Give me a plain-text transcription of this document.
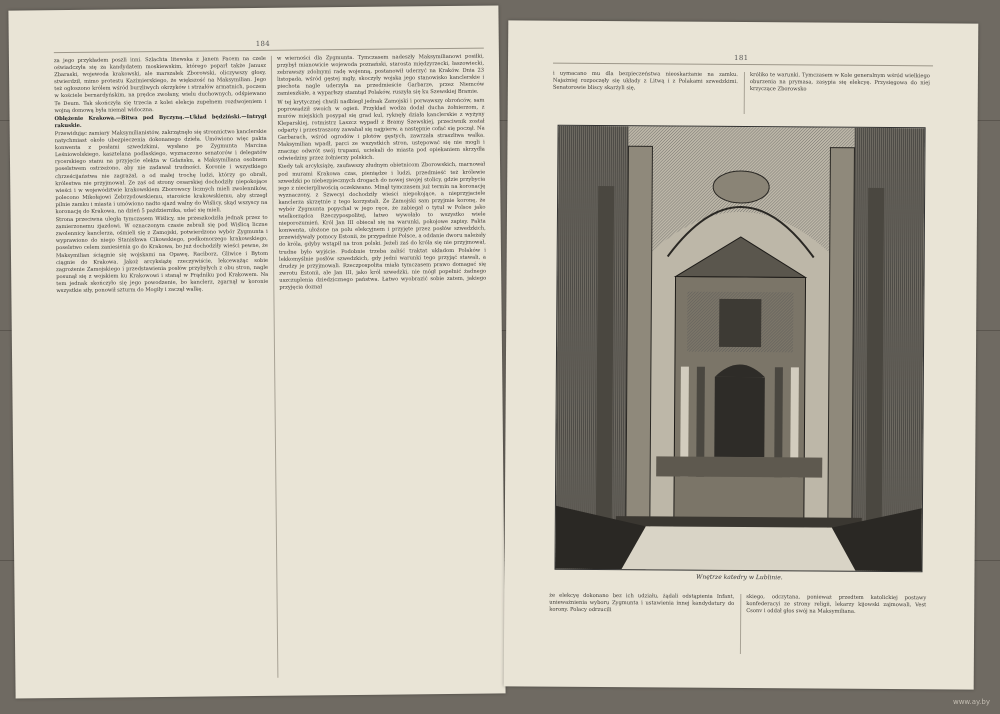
184

za jego przykładem poszli inni. Szlachta litewska z Janem Pacem na czele oświadczyła się za kandydatem moskiewskim, którego poparł także Janusz Zbaraski, wojewoda krakowski, ale marszałek Zborowski, oliczywszy głosy, stwierdził, mimo protestu Kazimierskiego, że większość na Maksymilian. Jego też ogłoszono królem wśród burzliwych okrzyków i strzałów armatnich, poczem w kościele bernardyńskim, na prędce zwołany, wielu duchownych, odśpiewano Te Deum. Tak skończyła się trzecia z kolei elekcja zupełnem rozdwojeniem i wojną domową była niemal widoczna.

Oblężenie Krakowa.—Bitwa pod Byczyną.—Układ będziński.—Intrygi rakuskie.

Przewidując zamiary Maksymilianistów, zakrzątnęło się stronnictwo kanclerskie natychmiast około ubezpieczenia dokonanego dzieła. Umówiono więc pakta konwenta z posłami szwedzkimi, wysłano po Zygmunta Marcina Leśniowolskiego, kasztelana podlaskiego, wyznaczono senatorów i delegatów rycerskiego stanu na przyjęcie elekta w Gdańsku, a Maksymiliana osobnem poselstwem ostrzeżono, aby nie zadawał trudności. Koronie i wszystkiego chrześcijaństwa nie zagrażał, a od małej trochę ludzi, którzy go obrali, królestwa nie przyjmował. Ze zaś od strony cesarskiej dochodziły niepokojące wieści i w województwie krakowskiem Zborowscy licznych mieli zwolenników, polecono Mikołajowi Zebrzydowskiemu, staroście krakowskiemu, aby strzegł pilnie zamku i miasta i umówiono nadto sjazd walny do Wiślicy, skąd wszyscy na koronację do Krakowa, na dzień 5 października, udać się mieli.

Strona przeciwna uległa tymczasem Wiślicy, nie przeszkodziła jednak przez to zamierzonemu zjazdowi. W oznaczonym czasie zebrali się pod Wiślicą liczne zwolennicy kanclerza, ośmieli się z Zamojski, potwierdzono wybór Zygmunta i wyprawiono do niego Stanisława Cikowskiego, podkomorzego krakowskiego, poselstwo celem zaniesienia go do Krakowa, bo już dochodziły wieści pewne, że Maksymilian ściągnie się wojskami na Opawę, Raciborz, Gliwice i Bytom ciągnie do Krakowa. Jakoż arcyksiążę rzeczywiście, lekceważąc sobie zagrożenie Zamojskiego i przedstawienia posłów przybyłych z obu stron, nagle posunął się z wojskiem ku Krakowowi i stanął w Prądniku pod Krakowem. Na tem jednak skończyło się jego powodzenie, bo kanclerz, zgarnął w koronie wszystkie siły, ponowił szturm do Mogiły i zaczął walkę.

w wierności dla Zygmunta. Tymczasem nadeszły Maksymilianowi posiłki, przybył mianowicie wojewoda poznański, starosta międzyrzecki, łaszowiecki, zebrawszy zdolnymi radę wojenną, postanowił uderzyć na Kraków. Dnia 23 listopada, wśród gęstej mgły, skoczyły wojska jego stanowisko kanclerskie i piechota nagle uderzyła na przedmieście Garbarze, przez Niemców zamieszkałe, a wyparłszy stamtąd Polaków, ruszyła się ku Szewskiej Bramie.

W tej krytycznej chwili nadbiegł jednak Zamojski i porwawszy obrońców, sam poprowadził swoich w ogień. Przykład wodza dodał ducha żołnierzom, z murów miejskich posypał się grad kul, ryknęły działa kanclerskie z wyżyny Kleparskiej, rotmistrz Laszcz wypadł z Bramy Szewskiej, przeciwnik został odparty i przestraszony zawahał się najpierw, a następnie cofać się począł. Na Garbarach, wśród ogrodów i płotów gęstych, zawrzała straszliwa walka. Maksymilian wpadł, parci ze wszystkich stron, ustępować się nie mogli i znacząc odwrót swój trupami, uciekali do miasta pod opiekaniem skrzydła odwiedziny przez żołnierzy polskich.

Kiedy tak arcyksiążę, zaufawszy złudnym obietnicom Zborowskich, marnował pod murami Krakowa czas, pieniądze i ludzi, przedmieść też królewie szwedzki po niebezpiecznych drogach do nowej swojej stolicy, gdzie przybycia jego z niecierpliwością oczekiwano. Minął tymczasem już termin na koronację wyznaczony, z Szwecyi dochodziły wieści niepokojące, a nieprzyjaciele kanclerza skrzętnie z tego korzystali. Ze Zamojski sam przyjmie koronę, że wybór Zygmunta popychał w jego ręce, że zabiegał o tytuł w Polsce jako wielkorządca Rzeczypospolitej, łatwo wywołało to wszystko wiele nieporozumień. Król Jan III obiecał się na warunki, pokojowe zapisy. Pakta konwenta, ułożone na polu elekcyjnem i przyjęte przez posłów szwedzkich, przewidywały pomocy Estonii, że przypadnie Polsce, a oddanie dworu należały do króla, gdyby wstąpił na tron polski. Jeżeli zaś do króla się nie przyjmował, trudne było wyjście. Podobnie trzeba zaliść traktat układom Polaków i lekkomyślnie posłów szwedzkich, gdy jedni warunki tego przyjąć stawali, a drudzy je przyjmowali. Rzeczpospolita miała tymczasem prawo domagać się zwrotu Estonii, ale Jan III, jako król szwedzki, nie mógł popełnić żadnego uszczuplenia dziedzicznego państwa. Łatwo wyobrazić sobie zatem, jakiego przyjęcia doznał

181

i uymacano mu dla bezpieczeństwa nieoskarżanie na zamku. Najażniej rozpoczęły się układy z Litwą i z Polakami szwedzkimi. Senatorowie bliscy skarżyli się,

króliko te warunki. Tymczasem w Kole generalnym wśród wielkiego oburzenia na prymasa, zasypia się elekcyę. Przysięgowa do niej krzyczące Zborowsko

Wnętrze katedry w Lublinie.

że elekcyę dokonano bez ich udziału, żądali odstąpienia Infant, unieważnienia wyboru Zygmunta i ustawienia innej kandydatury do korony. Polacy odrzucili

skiego, odczytana, ponieważ przedtem katolickiej postawy konfederacyi ze strony religii, lekarzy kijowski zajmowali, Vest Csonv i oddał głos swój na Maksymiliana.

www.ay.by
